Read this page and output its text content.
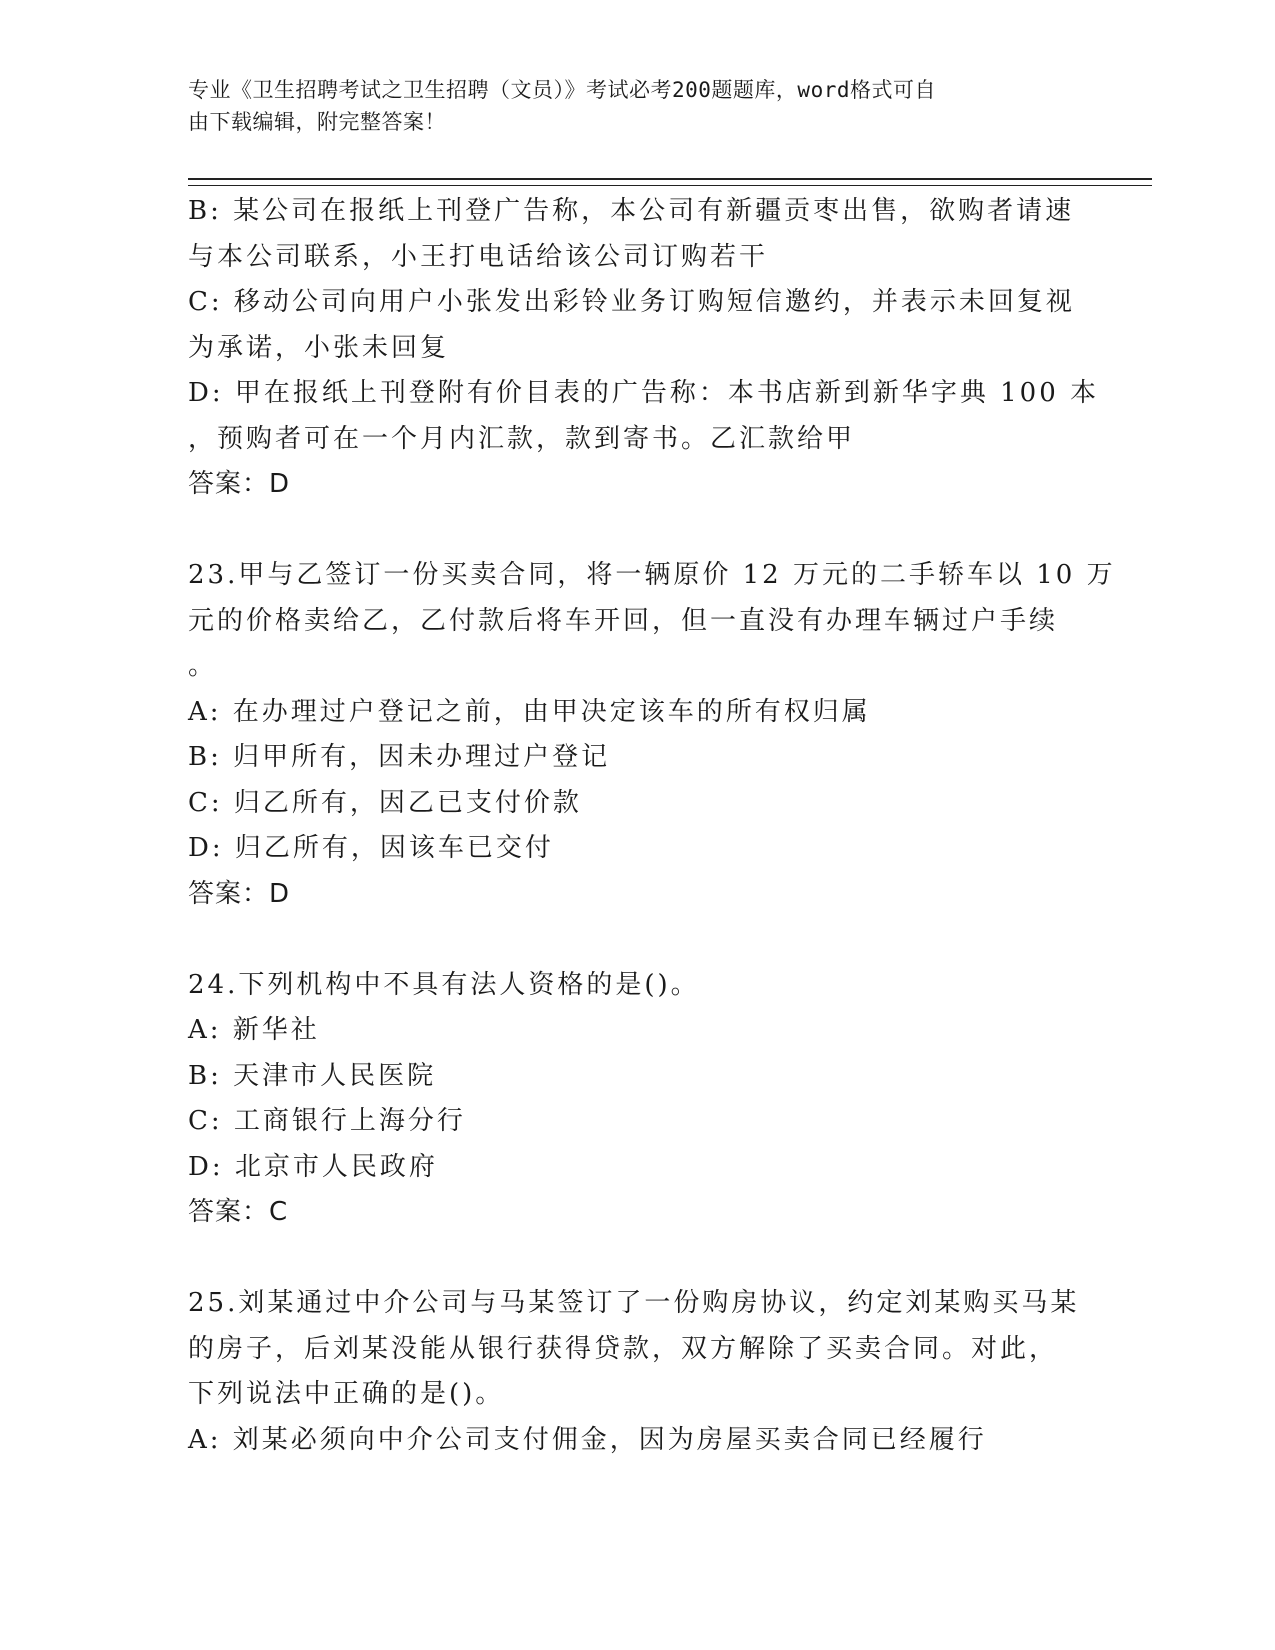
专业《卫生招聘考试之卫生招聘（文员）》考试必考200题题库，word格式可自
由下载编辑，附完整答案！
B: 某公司在报纸上刊登广告称，本公司有新疆贡枣出售，欲购者请速
与本公司联系，小王打电话给该公司订购若干
C: 移动公司向用户小张发出彩铃业务订购短信邀约，并表示未回复视
为承诺，小张未回复
D: 甲在报纸上刊登附有价目表的广告称：本书店新到新华字典 100 本
，预购者可在一个月内汇款，款到寄书。乙汇款给甲
答案：D
23.甲与乙签订一份买卖合同，将一辆原价 12 万元的二手轿车以 10 万
元的价格卖给乙，乙付款后将车开回，但一直没有办理车辆过户手续
。
A: 在办理过户登记之前，由甲决定该车的所有权归属
B: 归甲所有，因未办理过户登记
C: 归乙所有，因乙已支付价款
D: 归乙所有，因该车已交付
答案：D
24.下列机构中不具有法人资格的是()。
A: 新华社
B: 天津市人民医院
C: 工商银行上海分行
D: 北京市人民政府
答案：C
25.刘某通过中介公司与马某签订了一份购房协议，约定刘某购买马某
的房子，后刘某没能从银行获得贷款，双方解除了买卖合同。对此，
下列说法中正确的是()。
A: 刘某必须向中介公司支付佣金，因为房屋买卖合同已经履行
